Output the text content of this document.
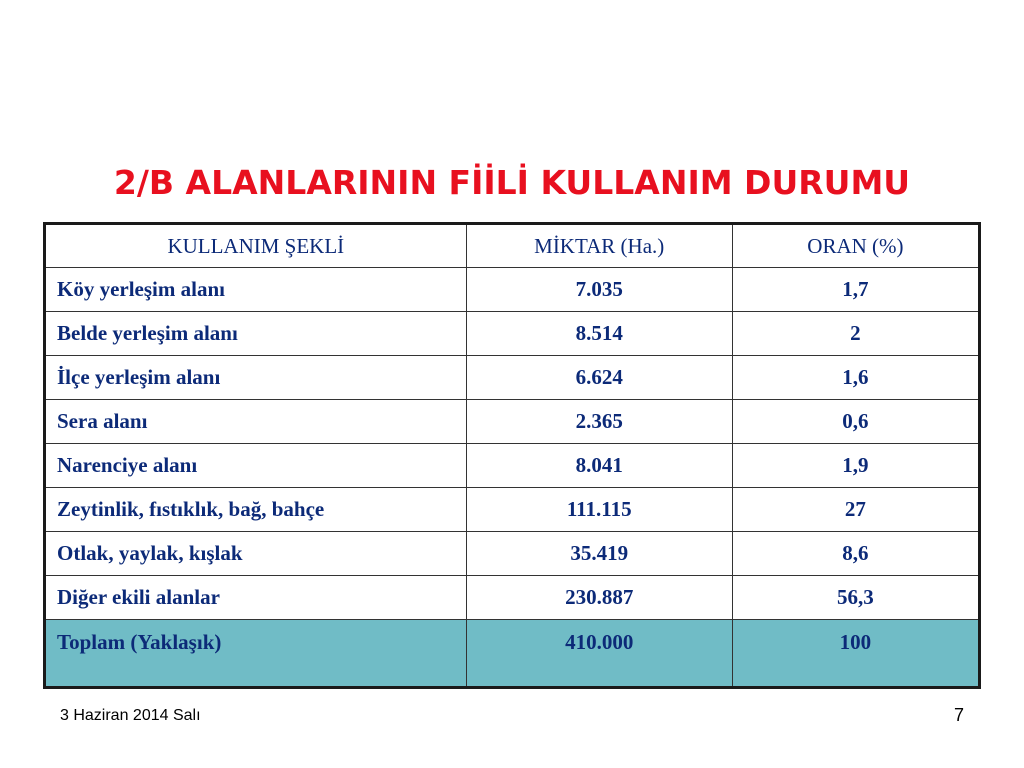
2/B ALANLARININ FİİLİ KULLANIM DURUMU
KULLANIM ŞEKLİ	MİKTAR (Ha.)	ORAN (%)
Köy yerleşim alanı	7.035	1,7
Belde yerleşim alanı	8.514	2
İlçe yerleşim alanı	6.624	1,6
Sera alanı	2.365	0,6
Narenciye alanı	8.041	1,9
Zeytinlik, fıstıklık, bağ, bahçe	111.115	27
Otlak, yaylak, kışlak	35.419	8,6
Diğer ekili alanlar	230.887	56,3
Toplam (Yaklaşık)	410.000	100
3 Haziran 2014 Salı	7
